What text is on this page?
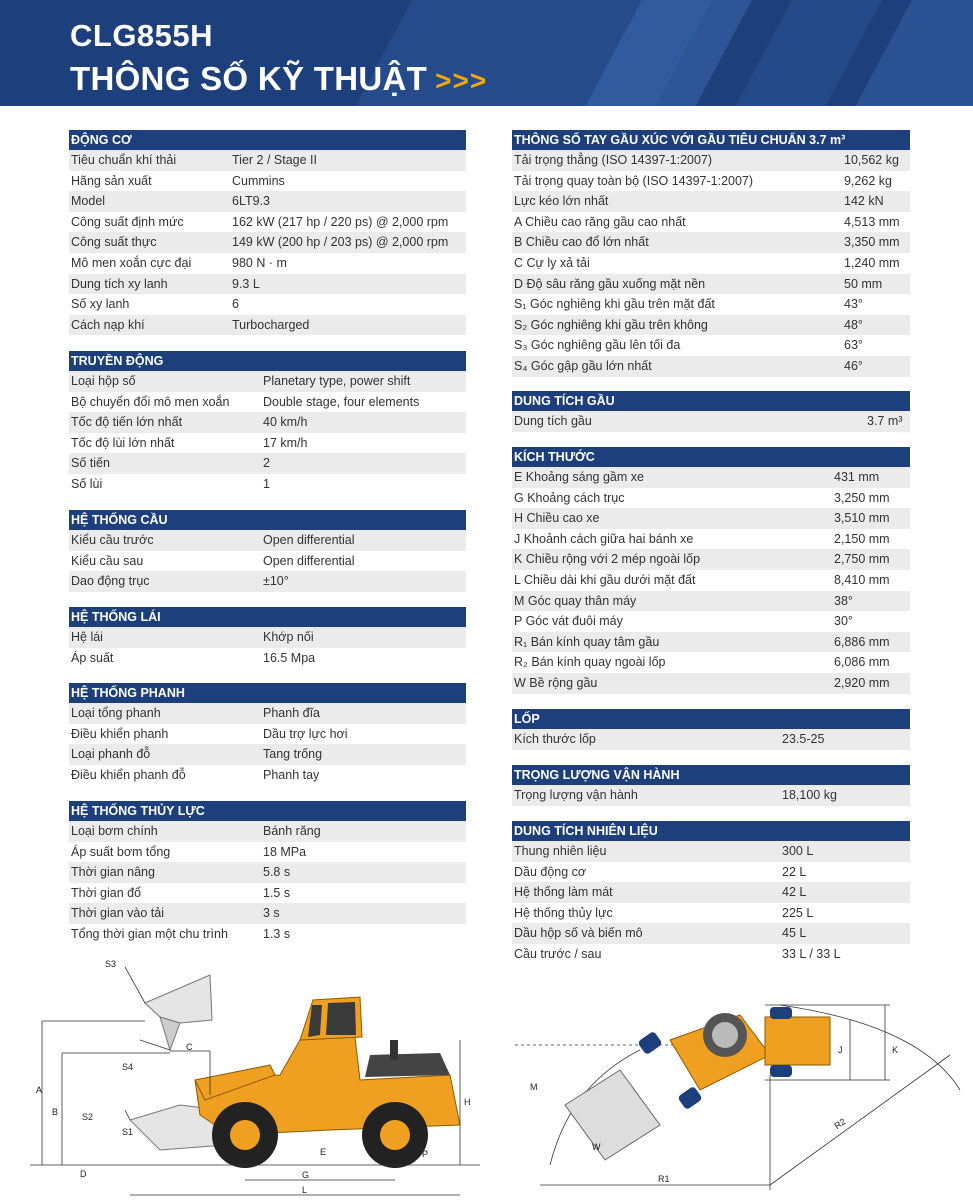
CLG855H
THÔNG SỐ KỸ THUẬT >>>
ĐỘNG CƠ
Tiêu chuẩn khí thải	Tier 2 / Stage II
Hãng sản xuất	Cummins
Model	6LT9.3
Công suất định mức	162 kW (217 hp / 220 ps) @ 2,000 rpm
Công suất thực	149 kW (200 hp / 203 ps) @ 2,000 rpm
Mô men xoắn cực đại	980 N · m
Dung tích xy lanh	9.3 L
Số xy lanh	6
Cách nạp khí	Turbocharged
TRUYỀN ĐỘNG
Loại hộp số	Planetary type, power shift
Bộ chuyển đổi mô men xoắn	Double stage, four elements
Tốc độ tiến lớn nhất	40 km/h
Tốc độ lùi lớn nhất	17 km/h
Số tiến	2
Số lùi	1
HỆ THỐNG CẦU
Kiểu cầu trước	Open differential
Kiểu cầu sau	Open differential
Dao động trục	±10°
HỆ THỐNG LÁI
Hệ lái	Khớp nối
Áp suất	16.5 Mpa
HỆ THỐNG PHANH
Loại tổng phanh	Phanh đĩa
Điều khiển phanh	Dầu trợ lực hơi
Loại phanh đỗ	Tang trống
Điều khiển phanh đỗ	Phanh tay
HỆ THỐNG THỦY LỰC
Loại bơm chính	Bánh răng
Áp suất bơm tổng	18 MPa
Thời gian nâng	5.8 s
Thời gian đổ	1.5 s
Thời gian vào tải	3 s
Tổng thời gian một chu trình	1.3 s
THÔNG SỐ TAY GẦU XÚC VỚI GẦU TIÊU CHUẨN 3.7 m³
Tải trọng thẳng (ISO 14397-1:2007)	10,562 kg
Tải trọng quay toàn bộ (ISO 14397-1:2007)	9,262 kg
Lực kéo lớn nhất	142 kN
A Chiều cao răng gầu cao nhất	4,513 mm
B Chiều cao đổ lớn nhất	3,350 mm
C Cự ly xả tải	1,240 mm
D Độ sâu răng gầu xuống mặt nền	50 mm
S₁ Góc nghiêng khi gầu trên mặt đất	43°
S₂ Góc nghiêng khi gầu trên không	48°
S₃ Góc nghiêng gầu lên tối đa	63°
S₄ Góc gập gầu lớn nhất	46°
DUNG TÍCH GẦU
Dung tích gầu	3.7 m³
KÍCH THƯỚC
E Khoảng sáng gầm xe	431 mm
G Khoảng cách trục	3,250 mm
H Chiều cao xe	3,510 mm
J Khoảnh cách giữa hai bánh xe	2,150 mm
K Chiều rộng với 2 mép ngoài lốp	2,750 mm
L Chiều dài khi gầu dưới mặt đất	8,410 mm
M Góc quay thân máy	38°
P Góc vát đuôi máy	30°
R₁ Bán kính quay tâm gầu	6,886 mm
R₂ Bán kính quay ngoài lốp	6,086 mm
W Bề rộng gầu	2,920 mm
LỐP
Kích thước lốp	23.5-25
TRỌNG LƯỢNG VẬN HÀNH
Trọng lượng vận hành	18,100 kg
DUNG TÍCH NHIÊN LIỆU
Thung nhiên liệu	300 L
Dầu động cơ	22 L
Hệ thống làm mát	42 L
Hệ thống thủy lực	225 L
Dầu hộp số và biến mô	45 L
Cầu trước / sau	33 L / 33 L
S3
S4
S2
S1
C
A
B
H
E	P
G
L
D
J	K
M
W
R1
R2
